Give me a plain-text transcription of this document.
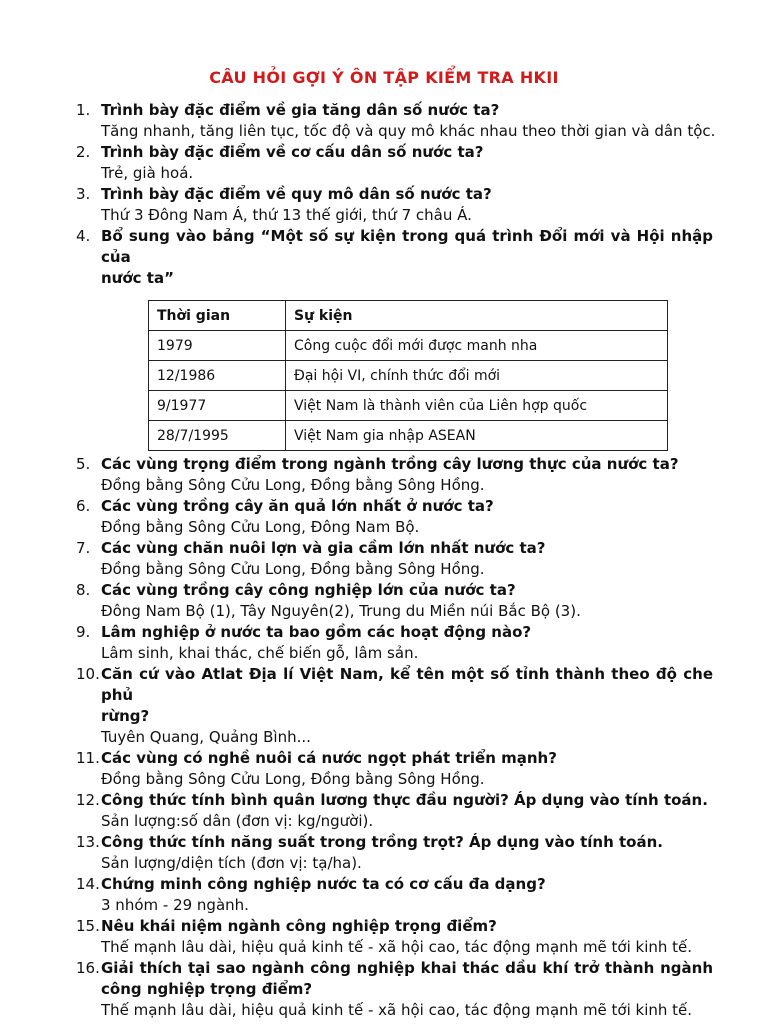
CÂU HỎI GỢI Ý ÔN TẬP KIỂM TRA HKII
1. Trình bày đặc điểm về gia tăng dân số nước ta?
Tăng nhanh, tăng liên tục, tốc độ và quy mô khác nhau theo thời gian và dân tộc.
2. Trình bày đặc điểm về cơ cấu dân số nước ta?
Trẻ, già hoá.
3. Trình bày đặc điểm về quy mô dân số nước ta?
Thứ 3 Đông Nam Á, thứ 13 thế giới, thứ 7 châu Á.
4. Bổ sung vào bảng “Một số sự kiện trong quá trình Đổi mới và Hội nhập của
nước ta”
Thời gian	Sự kiện
1979	Công cuộc đổi mới được manh nha
12/1986	Đại hội VI, chính thức đổi mới
9/1977	Việt Nam là thành viên của Liên hợp quốc
28/7/1995	Việt Nam gia nhập ASEAN
5. Các vùng trọng điểm trong ngành trồng cây lương thực của nước ta?
Đồng bằng Sông Cửu Long, Đồng bằng Sông Hồng.
6. Các vùng trồng cây ăn quả lớn nhất ở nước ta?
Đồng bằng Sông Cửu Long, Đông Nam Bộ.
7. Các vùng chăn nuôi lợn và gia cầm lớn nhất nước ta?
Đồng bằng Sông Cửu Long, Đồng bằng Sông Hồng.
8. Các vùng trồng cây công nghiệp lớn của nước ta?
Đông Nam Bộ (1), Tây Nguyên(2), Trung du Miền núi Bắc Bộ (3).
9. Lâm nghiệp ở nước ta bao gồm các hoạt động nào?
Lâm sinh, khai thác, chế biến gỗ, lâm sản.
10. Căn cứ vào Atlat Địa lí Việt Nam, kể tên một số tỉnh thành theo độ che phủ
rừng?
Tuyên Quang, Quảng Bình...
11. Các vùng có nghề nuôi cá nước ngọt phát triển mạnh?
Đồng bằng Sông Cửu Long, Đồng bằng Sông Hồng.
12. Công thức tính bình quân lương thực đầu người? Áp dụng vào tính toán.
Sản lượng:số dân (đơn vị: kg/người).
13. Công thức tính năng suất trong trồng trọt? Áp dụng vào tính toán.
Sản lượng/diện tích (đơn vị: tạ/ha).
14. Chứng minh công nghiệp nước ta có cơ cấu đa dạng?
3 nhóm - 29 ngành.
15. Nêu khái niệm ngành công nghiệp trọng điểm?
Thế mạnh lâu dài, hiệu quả kinh tế - xã hội cao, tác động mạnh mẽ tới kinh tế.
16. Giải thích tại sao ngành công nghiệp khai thác dầu khí trở thành ngành
công nghiệp trọng điểm?
Thế mạnh lâu dài, hiệu quả kinh tế - xã hội cao, tác động mạnh mẽ tới kinh tế.
